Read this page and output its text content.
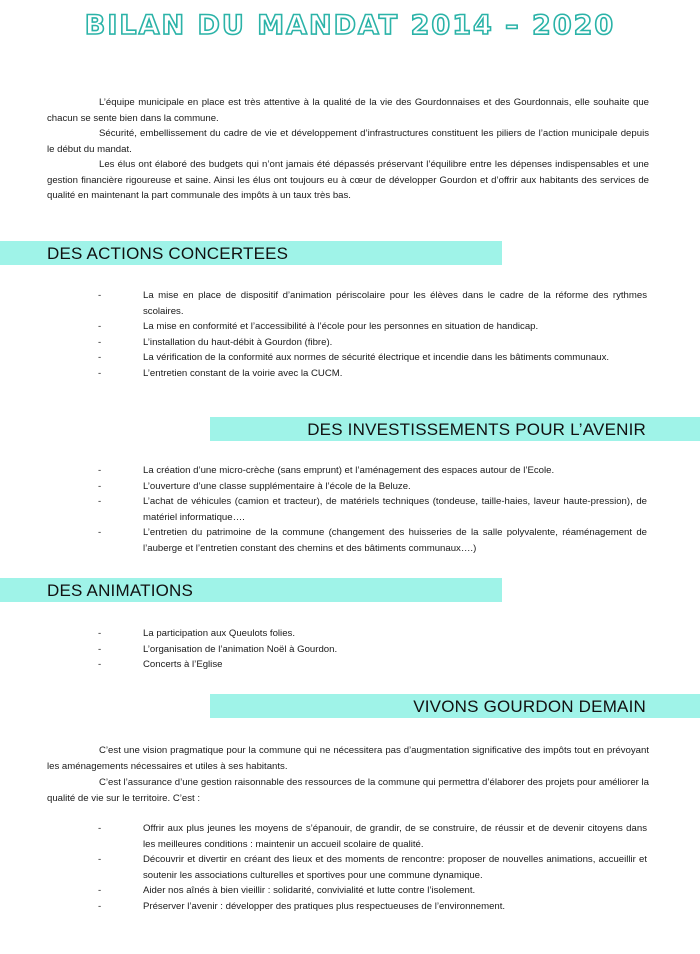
BILAN DU MANDAT 2014 – 2020

L’équipe municipale en place est très attentive à la qualité de la vie des Gourdonnaises et des Gourdonnais, elle souhaite que chacun se sente bien dans la commune.

Sécurité, embellissement du cadre de vie et développement d’infrastructures constituent les piliers de l’action municipale depuis le début du mandat.

Les élus ont élaboré des budgets qui n’ont jamais été dépassés préservant l’équilibre entre les dépenses indispensables et une gestion financière rigoureuse et saine. Ainsi les élus ont toujours eu à cœur de développer Gourdon et d’offrir aux habitants des services de qualité en maintenant la part communale des impôts à un taux très bas.

DES ACTIONS CONCERTEES
-	La mise en place de dispositif d’animation périscolaire pour les élèves dans le cadre de la réforme des rythmes scolaires.
-	La mise en conformité et l’accessibilité à l’école pour les personnes en situation de handicap.
-	L’installation du haut-débit à Gourdon (fibre).
-	La vérification de la conformité aux normes de sécurité électrique et incendie dans les bâtiments communaux.
-	L’entretien constant de la voirie avec la CUCM.
DES INVESTISSEMENTS POUR L’AVENIR
-	La création d’une micro-crèche (sans emprunt) et l’aménagement des espaces autour de l’Ecole.
-	L’ouverture d’une classe supplémentaire à l’école de la Beluze.
-	L’achat de véhicules (camion et tracteur), de matériels techniques (tondeuse, taille-haies, laveur haute-pression), de matériel informatique….
-	L’entretien du patrimoine de la commune (changement des huisseries de la salle polyvalente, réaménagement de l’auberge et l’entretien constant des chemins et des bâtiments communaux….)
DES ANIMATIONS
-	La participation aux Queulots folies.
-	L’organisation de l’animation Noël à Gourdon.
-	Concerts à l’Eglise
VIVONS GOURDON DEMAIN

C’est une vision pragmatique pour la commune qui ne nécessitera pas d’augmentation significative des impôts tout en prévoyant les aménagements nécessaires et utiles à ses habitants.

C’est l’assurance d’une gestion raisonnable des ressources de la commune qui permettra d’élaborer des projets pour améliorer la qualité de vie sur le territoire. C’est :

-	Offrir aux plus jeunes les moyens de s’épanouir, de grandir, de se construire, de réussir et de devenir citoyens dans les meilleures conditions : maintenir un accueil scolaire de qualité.
-	Découvrir et divertir en créant des lieux et des moments de rencontre: proposer de nouvelles animations, accueillir et soutenir les associations culturelles et sportives pour une commune dynamique.
-	Aider nos aînés à bien vieillir : solidarité, convivialité et lutte contre l’isolement.
-	Préserver l’avenir : développer des pratiques plus respectueuses de l’environnement.
